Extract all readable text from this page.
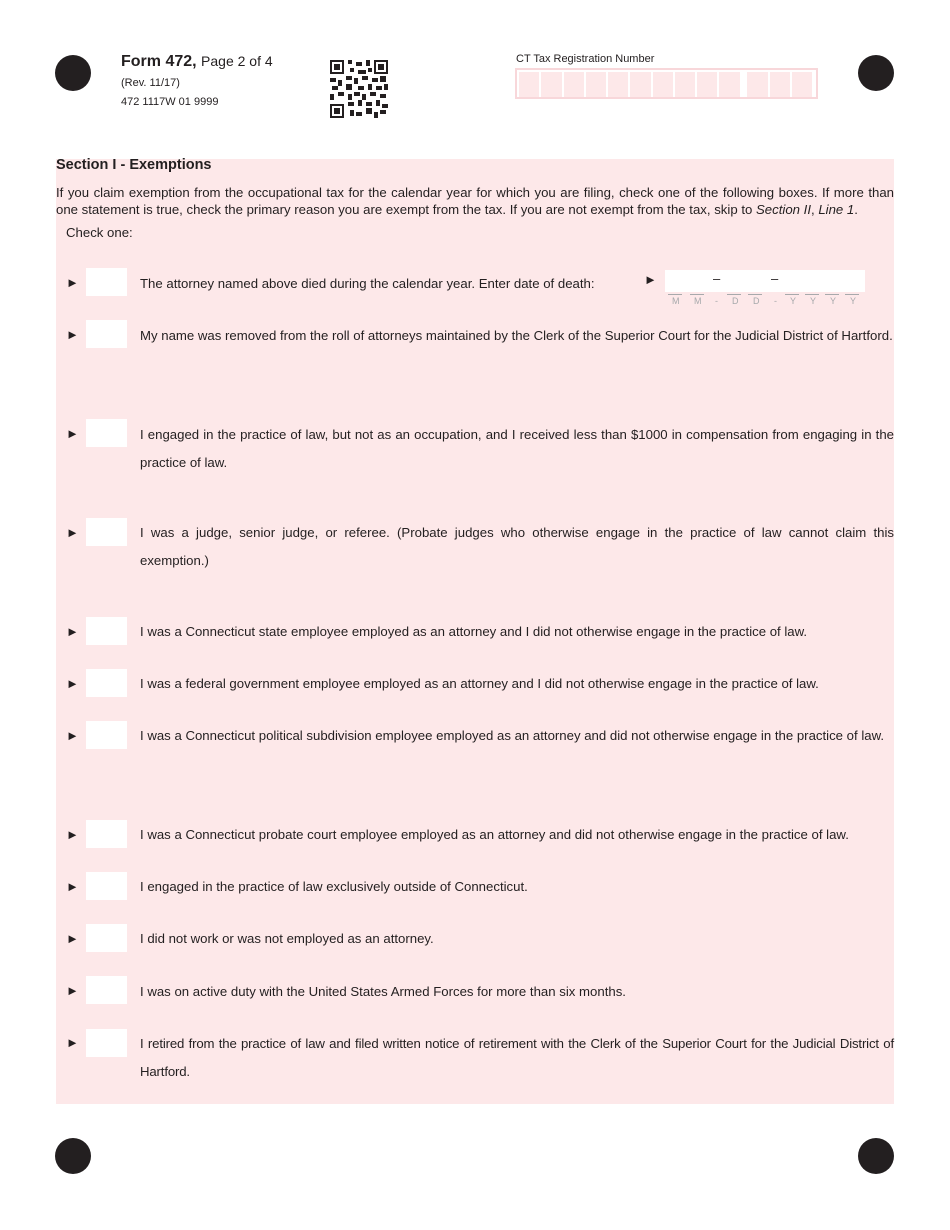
Form 472, Page 2 of 4
(Rev. 11/17)
472 1117W 01 9999
CT Tax Registration Number
Section I - Exemptions
If you claim exemption from the occupational tax for the calendar year for which you are filing, check one of the following boxes. If more than one statement is true, check the primary reason you are exempt from the tax. If you are not exempt from the tax, skip to Section II, Line 1.
Check one:
►	The attorney named above died during the calendar year. Enter date of death:	►	–	–
M M - D D - Y Y Y Y
►	My name was removed from the roll of attorneys maintained by the Clerk of the Superior Court for the Judicial District of Hartford.
►	I engaged in the practice of law, but not as an occupation, and I received less than $1000 in compensation from engaging in the practice of law.
►	I was a judge, senior judge, or referee. (Probate judges who otherwise engage in the practice of law cannot claim this exemption.)
►	I was a Connecticut state employee employed as an attorney and I did not otherwise engage in the practice of law.
►	I was a federal government employee employed as an attorney and I did not otherwise engage in the practice of law.
►	I was a Connecticut political subdivision employee employed as an attorney and did not otherwise engage in the practice of law.
►	I was a Connecticut probate court employee employed as an attorney and did not otherwise engage in the practice of law.
►	I engaged in the practice of law exclusively outside of Connecticut.
►	I did not work or was not employed as an attorney.
►	I was on active duty with the United States Armed Forces for more than six months.
►	I retired from the practice of law and filed written notice of retirement with the Clerk of the Superior Court for the Judicial District of Hartford.
